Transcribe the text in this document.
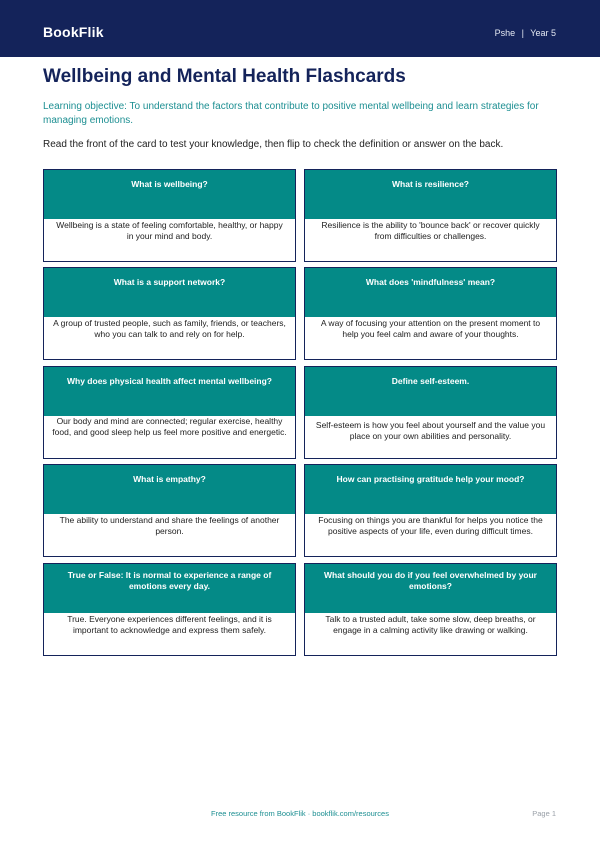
BookFlik	Pshe | Year 5
Wellbeing and Mental Health Flashcards

Learning objective: To understand the factors that contribute to positive mental wellbeing and learn strategies for managing emotions.

Read the front of the card to test your knowledge, then flip to check the definition or answer on the back.

What is wellbeing?
Wellbeing is a state of feeling comfortable, healthy, or happy in your mind and body.
What is resilience?
Resilience is the ability to 'bounce back' or recover quickly from difficulties or challenges.
What is a support network?
A group of trusted people, such as family, friends, or teachers, who you can talk to and rely on for help.
What does 'mindfulness' mean?
A way of focusing your attention on the present moment to help you feel calm and aware of your thoughts.
Why does physical health affect mental wellbeing?
Our body and mind are connected; regular exercise, healthy food, and good sleep help us feel more positive and energetic.
Define self-esteem.
Self-esteem is how you feel about yourself and the value you place on your own abilities and personality.
What is empathy?
The ability to understand and share the feelings of another person.
How can practising gratitude help your mood?
Focusing on things you are thankful for helps you notice the positive aspects of your life, even during difficult times.
True or False: It is normal to experience a range of emotions every day.
True. Everyone experiences different feelings, and it is important to acknowledge and express them safely.
What should you do if you feel overwhelmed by your emotions?
Talk to a trusted adult, take some slow, deep breaths, or engage in a calming activity like drawing or walking.
Free resource from BookFlik · bookflik.com/resources	Page 1
